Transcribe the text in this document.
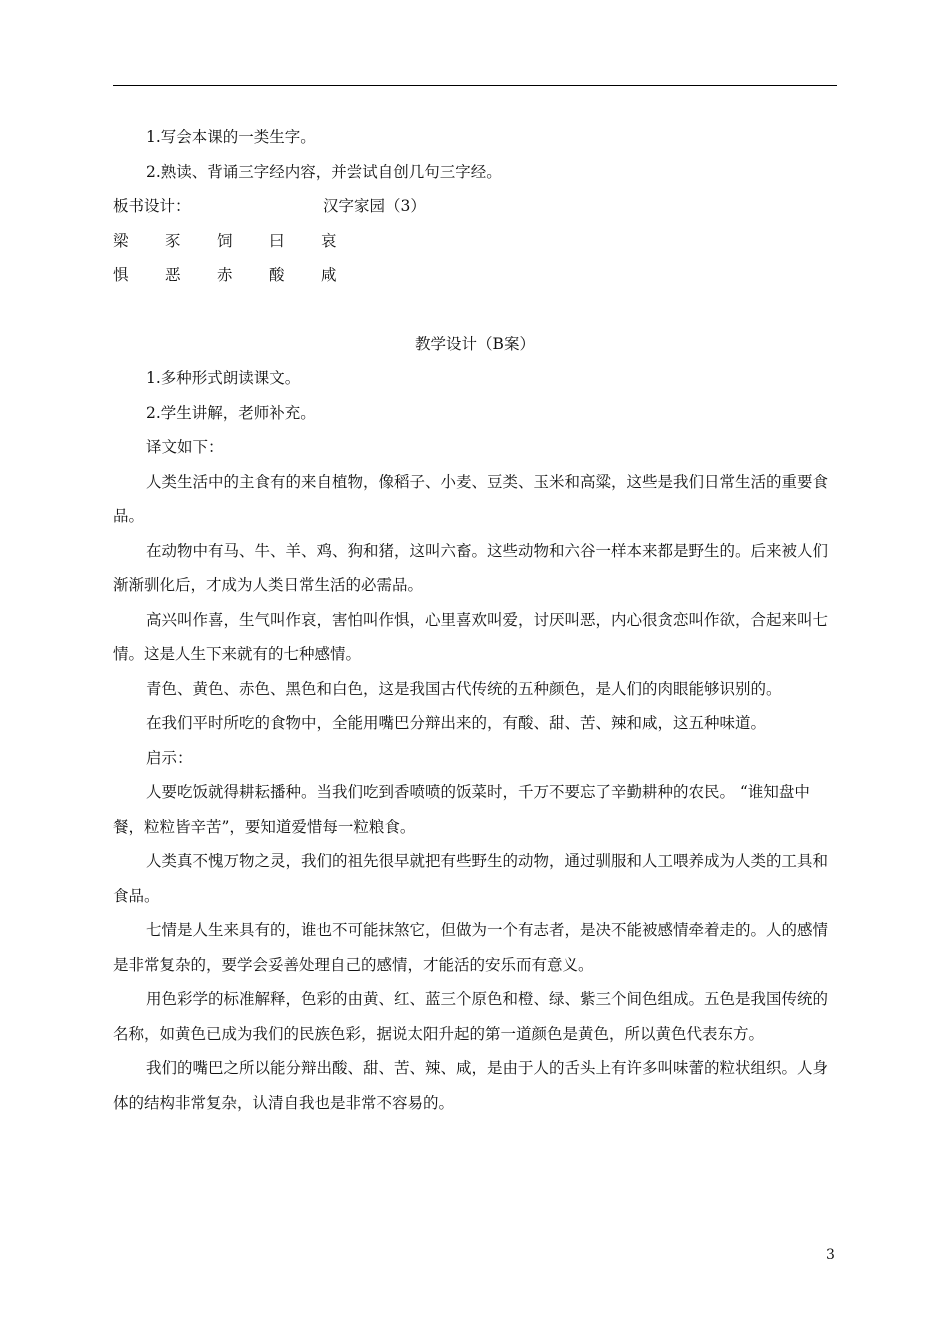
1.写会本课的一类生字。

2.熟读、背诵三字经内容，并尝试自创几句三字经。

板书设计：	汉字家园（3）

梁 豕 饲 曰 哀

惧 恶 赤 酸 咸

教学设计（B案）

1.多种形式朗读课文。

2.学生讲解，老师补充。

译文如下：

人类生活中的主食有的来自植物，像稻子、小麦、豆类、玉米和高粱，这些是我们日常生活的重要食品。

在动物中有马、牛、羊、鸡、狗和猪，这叫六畜。这些动物和六谷一样本来都是野生的。后来被人们渐渐驯化后，才成为人类日常生活的必需品。

高兴叫作喜，生气叫作哀，害怕叫作惧，心里喜欢叫爱，讨厌叫恶，内心很贪恋叫作欲，合起来叫七情。这是人生下来就有的七种感情。

青色、黄色、赤色、黑色和白色，这是我国古代传统的五种颜色，是人们的肉眼能够识别的。

在我们平时所吃的食物中，全能用嘴巴分辩出来的，有酸、甜、苦、辣和咸，这五种味道。

启示：

人要吃饭就得耕耘播种。当我们吃到香喷喷的饭菜时，千万不要忘了辛勤耕种的农民。 “谁知盘中餐，粒粒皆辛苦”，要知道爱惜每一粒粮食。

人类真不愧万物之灵，我们的祖先很早就把有些野生的动物，通过驯服和人工喂养成为人类的工具和食品。

七情是人生来具有的，谁也不可能抹煞它，但做为一个有志者，是决不能被感情牵着走的。人的感情是非常复杂的，要学会妥善处理自己的感情，才能活的安乐而有意义。

用色彩学的标准解释，色彩的由黄、红、蓝三个原色和橙、绿、紫三个间色组成。五色是我国传统的名称，如黄色已成为我们的民族色彩，据说太阳升起的第一道颜色是黄色，所以黄色代表东方。

我们的嘴巴之所以能分辩出酸、甜、苦、辣、咸，是由于人的舌头上有许多叫味蕾的粒状组织。人身体的结构非常复杂，认清自我也是非常不容易的。

3
